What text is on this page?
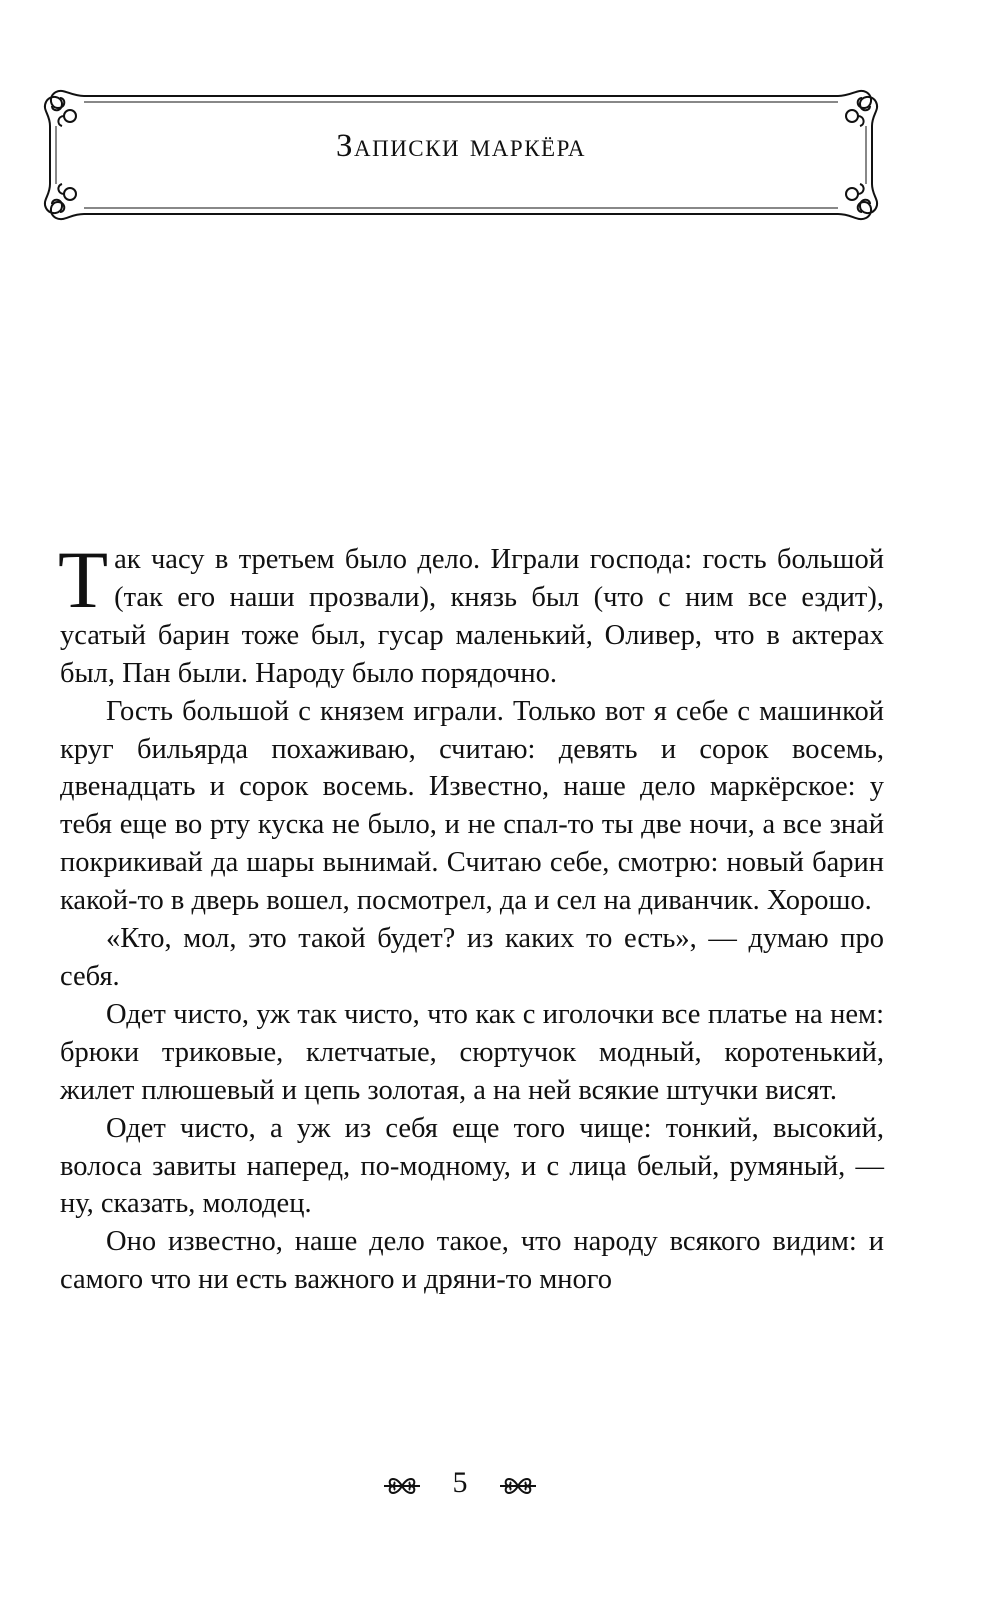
Записки маркёра

Так часу в третьем было дело. Играли господа: гость большой (так его наши прозвали), князь был (что с ним все ездит), усатый барин тоже был, гусар маленький, Оливер, что в актерах был, Пан были. Народу было порядочно.

Гость большой с князем играли. Только вот я себе с машинкой круг бильярда похаживаю, считаю: девять и сорок восемь, двенадцать и сорок восемь. Известно, наше дело маркёрское: у тебя еще во рту куска не было, и не спал-то ты две ночи, а все знай покрикивай да шары вынимай. Считаю себе, смотрю: новый барин какой-то в дверь вошел, посмотрел, да и сел на диванчик. Хорошо.

«Кто, мол, это такой будет? из каких то есть», — думаю про себя.

Одет чисто, уж так чисто, что как с иголочки все платье на нем: брюки триковые, клетчатые, сюртучок модный, коротенький, жилет плюшевый и цепь золотая, а на ней всякие штучки висят.

Одет чисто, а уж из себя еще того чище: тонкий, высокий, волоса завиты наперед, по-модному, и с лица белый, румяный, — ну, сказать, молодец.

Оно известно, наше дело такое, что народу всякого видим: и самого что ни есть важного и дряни-то много

5
